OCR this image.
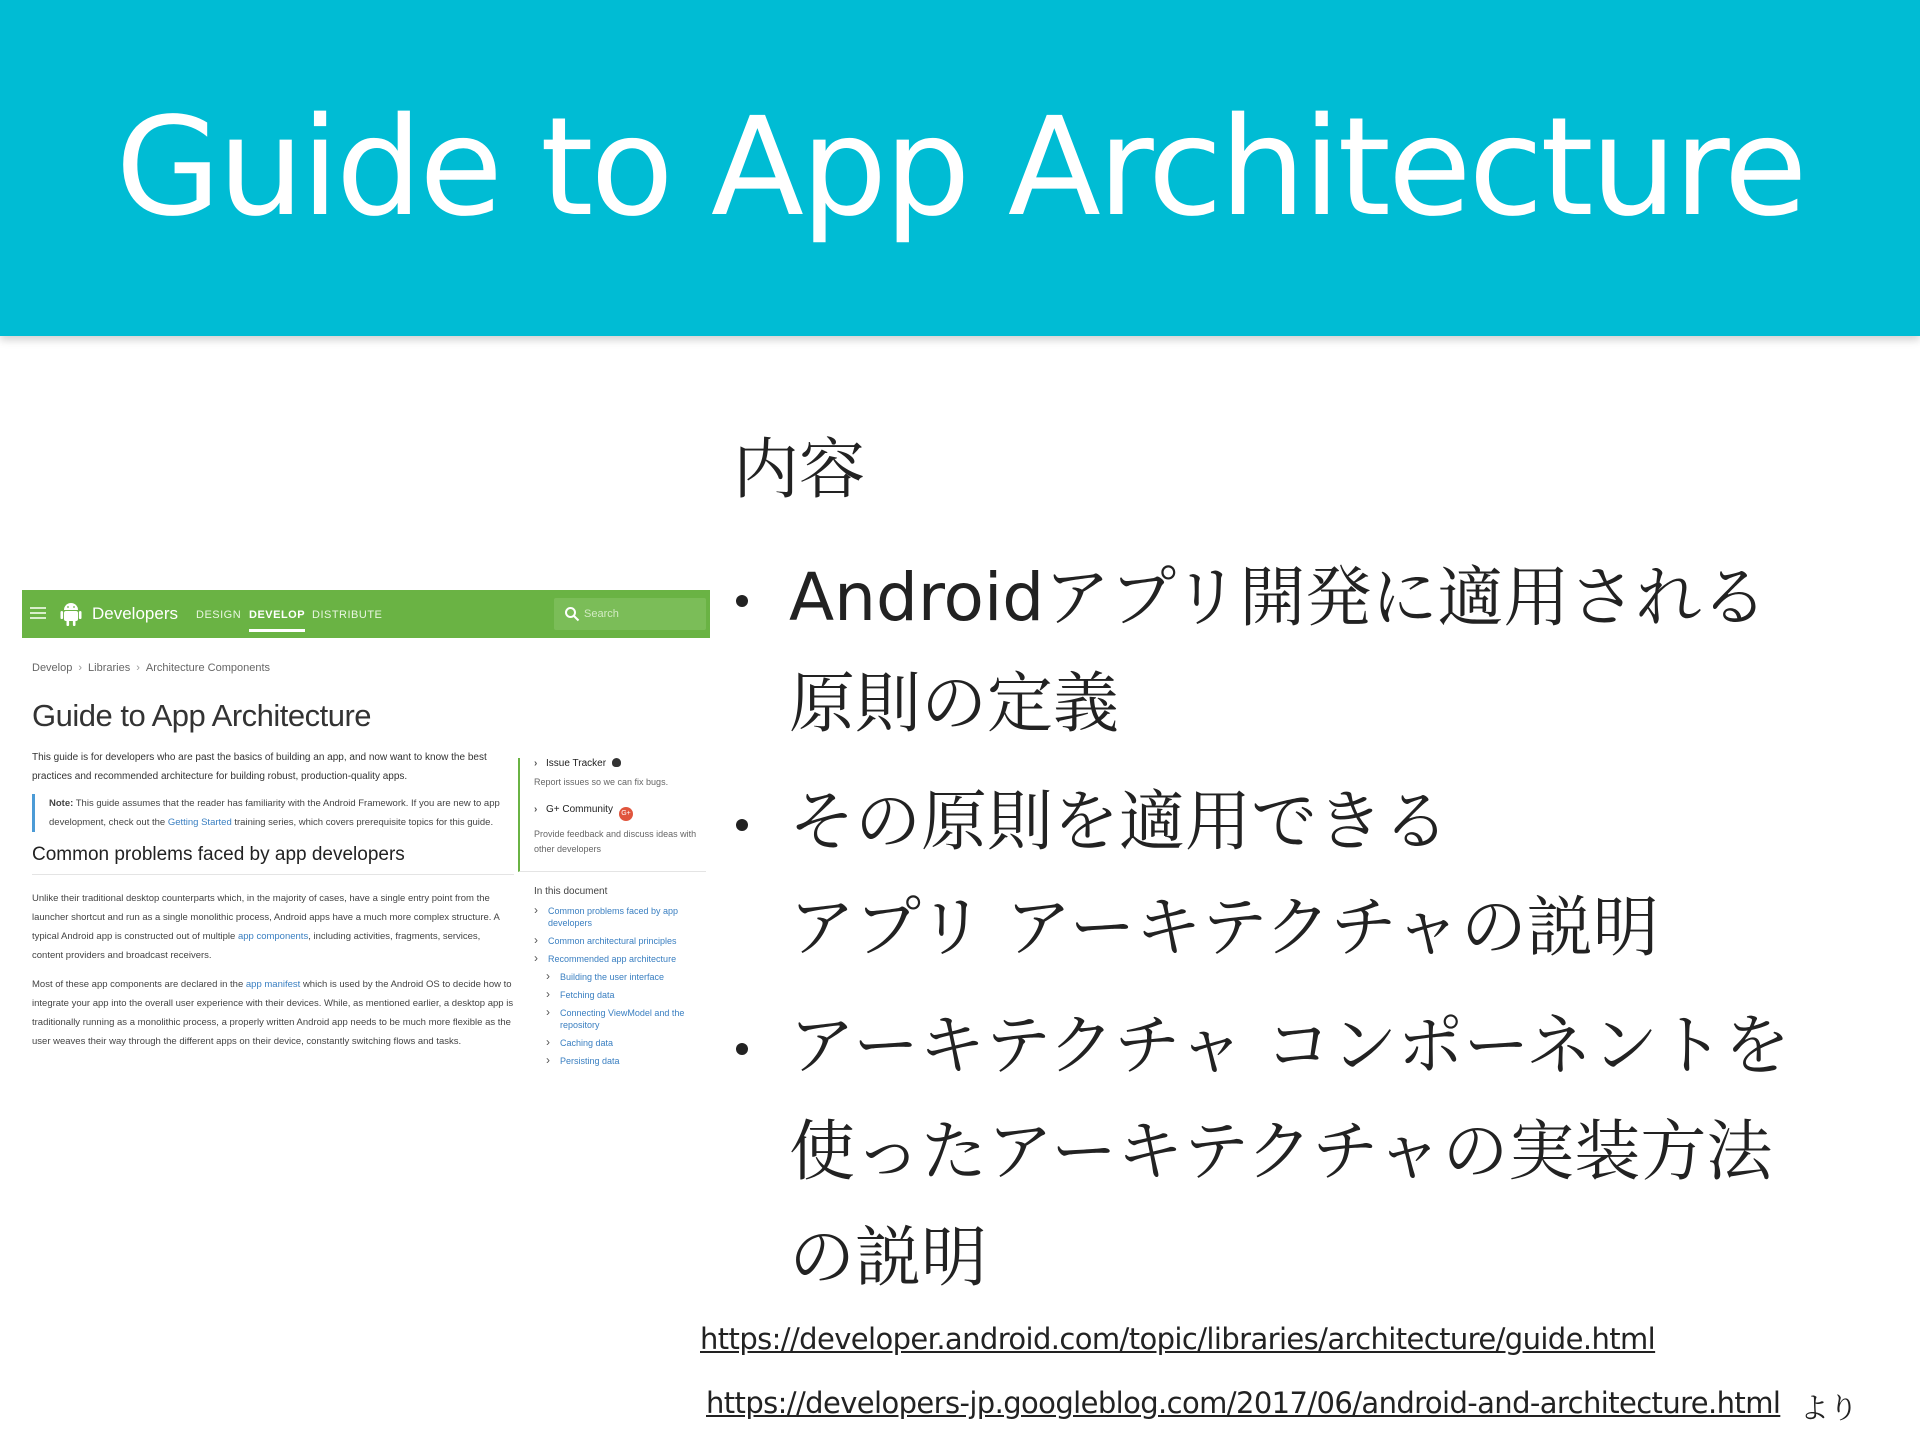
Guide to App Architecture
Developers DESIGN DEVELOP DISTRIBUTE
Search
Develop › Libraries › Architecture Components
Guide to App Architecture

This guide is for developers who are past the basics of building an app, and now want to know the best practices and recommended architecture for building robust, production-quality apps.

Note: This guide assumes that the reader has familiarity with the Android Framework. If you are new to app development, check out the Getting Started training series, which covers prerequisite topics for this guide.
Common problems faced by app developers

Unlike their traditional desktop counterparts which, in the majority of cases, have a single entry point from the launcher shortcut and run as a single monolithic process, Android apps have a much more complex structure. A typical Android app is constructed out of multiple app components, including activities, fragments, services, content providers and broadcast receivers.

Most of these app components are declared in the app manifest which is used by the Android OS to decide how to integrate your app into the overall user experience with their devices. While, as mentioned earlier, a desktop app is traditionally running as a monolithic process, a properly written Android app needs to be much more flexible as the user weaves their way through the different apps on their device, constantly switching flows and tasks.

› Issue Tracker
Report issues so we can fix bugs.
› G+ Community G+
Provide feedback and discuss ideas with other developers
In this document
› Common problems faced by app developers
› Common architectural principles
› Recommended app architecture
› Building the user interface
› Fetching data
› Connecting ViewModel and the repository
› Caching data
› Persisting data
内容
Androidアプリ開発に適用される
原則の定義
その原則を適用できる
アプリ アーキテクチャの説明
アーキテクチャ コンポーネントを
使ったアーキテクチャの実装方法
の説明
https://developer.android.com/topic/libraries/architecture/guide.html
https://developers-jp.googleblog.com/2017/06/android-and-architecture.html より
